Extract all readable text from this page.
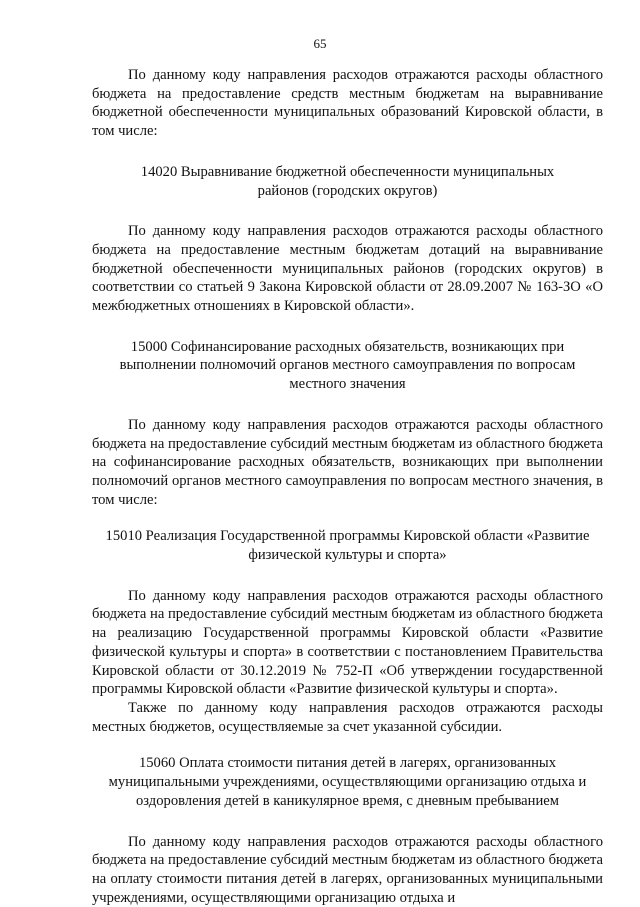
65

По данному коду направления расходов отражаются расходы областного бюджета на предоставление средств местным бюджетам на выравнивание бюджетной обеспеченности муниципальных образований Кировской области, в том числе:

14020 Выравнивание бюджетной обеспеченности муниципальных районов (городских округов)

По данному коду направления расходов отражаются расходы областного бюджета на предоставление местным бюджетам дотаций на выравнивание бюджетной обеспеченности муниципальных районов (городских округов) в соответствии со статьей 9 Закона Кировской области от 28.09.2007 № 163-ЗО «О межбюджетных отношениях в Кировской области».

15000 Софинансирование расходных обязательств, возникающих при выполнении полномочий органов местного самоуправления по вопросам местного значения

По данному коду направления расходов отражаются расходы областного бюджета на предоставление субсидий местным бюджетам из областного бюджета на софинансирование расходных обязательств, возникающих при выполнении полномочий органов местного самоуправления по вопросам местного значения, в том числе:

15010 Реализация Государственной программы Кировской области «Развитие физической культуры и спорта»

По данному коду направления расходов отражаются расходы областного бюджета на предоставление субсидий местным бюджетам из областного бюджета на реализацию Государственной программы Кировской области «Развитие физической культуры и спорта» в соответствии с постановлением Правительства Кировской области от 30.12.2019 № 752-П «Об утверждении государственной программы Кировской области «Развитие физической культуры и спорта».

Также по данному коду направления расходов отражаются расходы местных бюджетов, осуществляемые за счет указанной субсидии.

15060 Оплата стоимости питания детей в лагерях, организованных муниципальными учреждениями, осуществляющими организацию отдыха и оздоровления детей в каникулярное время, с дневным пребыванием

По данному коду направления расходов отражаются расходы областного бюджета на предоставление субсидий местным бюджетам из областного бюджета на оплату стоимости питания детей в лагерях, организованных муниципальными учреждениями, осуществляющими организацию отдыха и
